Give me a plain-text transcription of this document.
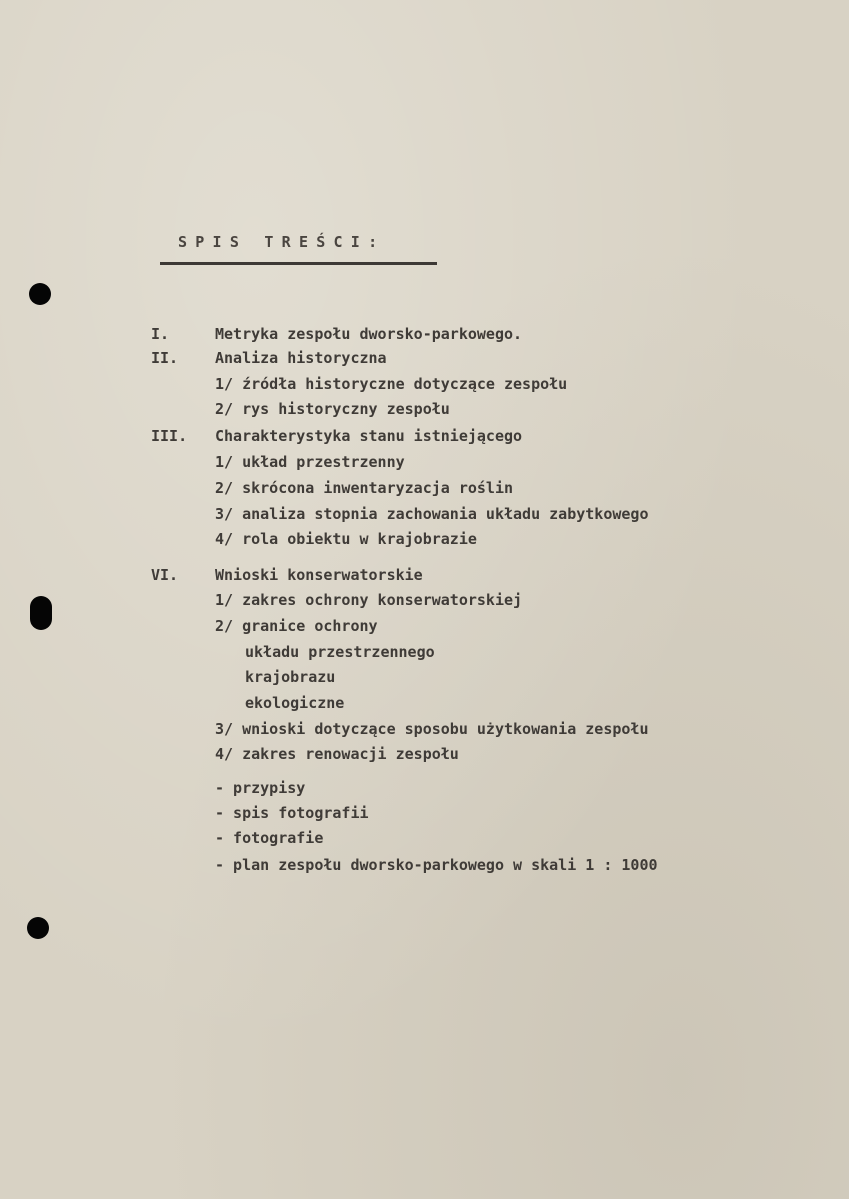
SPIS TREŚCI:
I.	Metryka zespołu dworsko-parkowego.
II. Analiza historyczna
1/ źródła historyczne dotyczące zespołu
2/ rys historyczny zespołu
III. Charakterystyka stanu istniejącego
1/ układ przestrzenny
2/ skrócona inwentaryzacja roślin
3/ analiza stopnia zachowania układu zabytkowego
4/ rola obiektu w krajobrazie
VI. Wnioski konserwatorskie
1/ zakres ochrony konserwatorskiej
2/ granice ochrony
układu przestrzennego
krajobrazu
ekologiczne
3/ wnioski dotyczące sposobu użytkowania zespołu
4/ zakres renowacji zespołu
- przypisy
- spis fotografii
- fotografie
- plan zespołu dworsko-parkowego w skali 1 : 1000
